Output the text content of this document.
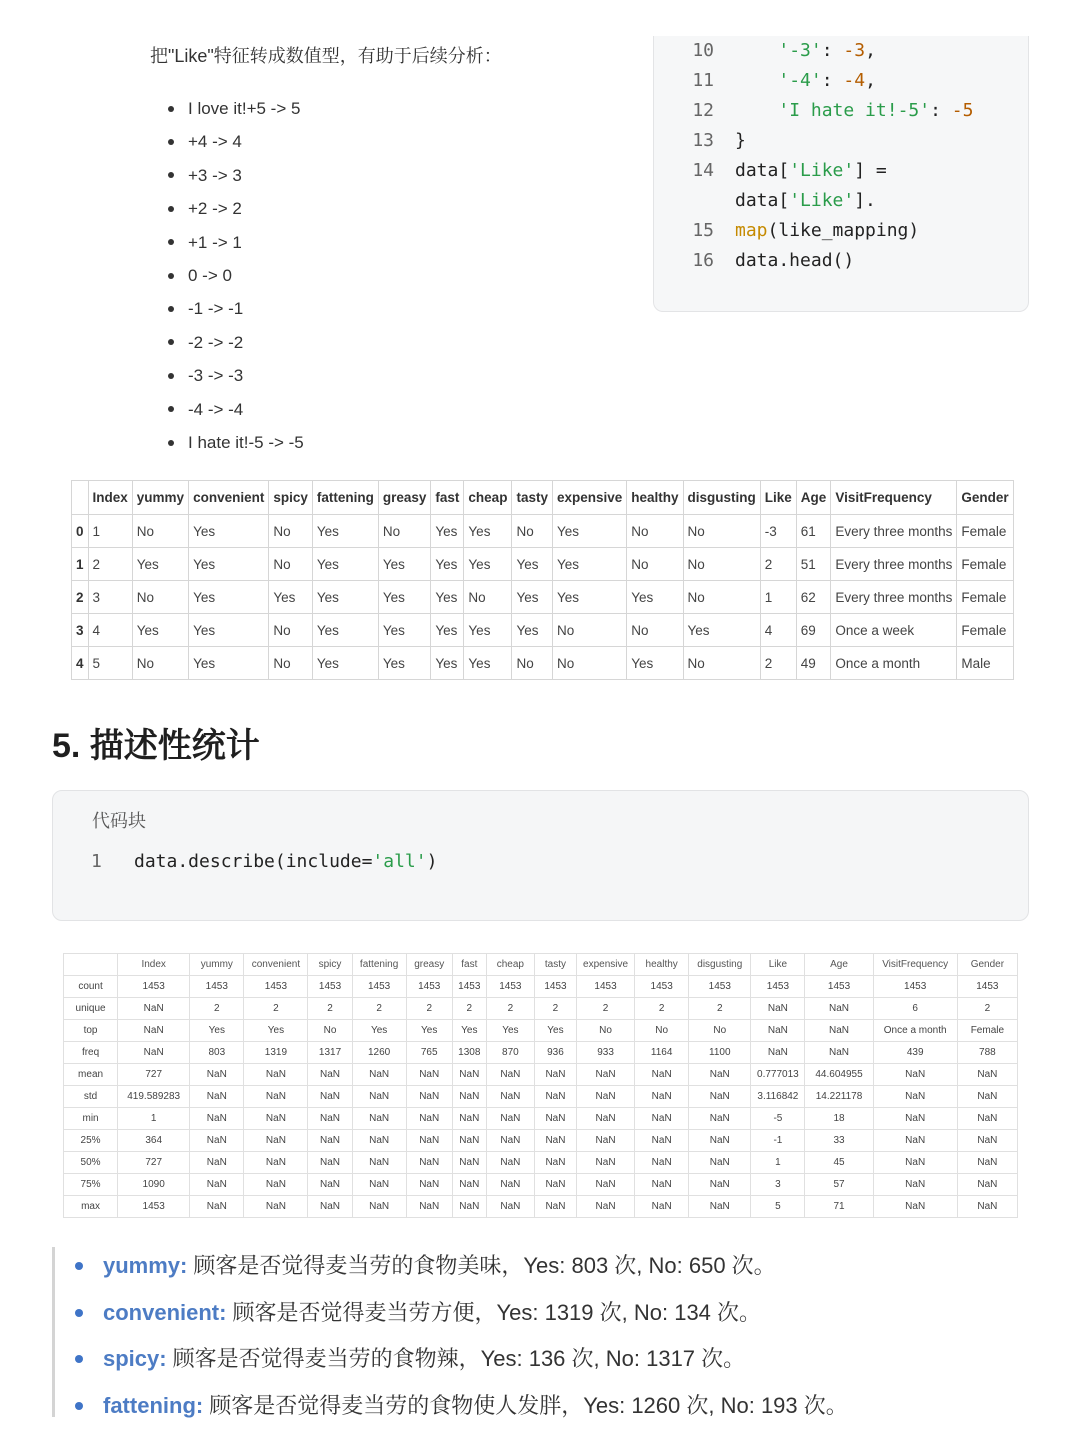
把"Like"特征转成数值型，有助于后续分析：
I love it!+5 -> 5
+4 -> 4
+3 -> 3
+2 -> 2
+1 -> 1
0 -> 0
-1 -> -1
-2 -> -2
-3 -> -3
-4 -> -4
I hate it!-5 -> -5
10	'-3': -3,
11	'-4': -4,
12	'I hate it!-5': -5
13 }
14 data['Like'] =
data['Like'].
15 map(like_mapping)
16 data.head()
	Index	yummy	convenient	spicy	fattening	greasy	fast	cheap	tasty	expensive	healthy	disgusting	Like	Age	VisitFrequency	Gender
0	1	No	Yes	No	Yes	No	Yes	Yes	No	Yes	No	No	-3	61	Every three months	Female
1	2	Yes	Yes	No	Yes	Yes	Yes	Yes	Yes	Yes	No	No	2	51	Every three months	Female
2	3	No	Yes	Yes	Yes	Yes	Yes	No	Yes	Yes	Yes	No	1	62	Every three months	Female
3	4	Yes	Yes	No	Yes	Yes	Yes	Yes	Yes	No	No	Yes	4	69	Once a week	Female
4	5	No	Yes	No	Yes	Yes	Yes	Yes	No	No	Yes	No	2	49	Once a month	Male
5. 描述性统计
代码块
1 data.describe(include='all')
	Index	yummy	convenient	spicy	fattening	greasy	fast	cheap	tasty	expensive	healthy	disgusting	Like	Age	VisitFrequency	Gender
count	1453	1453	1453	1453	1453	1453	1453	1453	1453	1453	1453	1453	1453	1453	1453	1453
unique	NaN	2	2	2	2	2	2	2	2	2	2	2	NaN	NaN	6	2
top	NaN	Yes	Yes	No	Yes	Yes	Yes	Yes	Yes	No	No	No	NaN	NaN	Once a month	Female
freq	NaN	803	1319	1317	1260	765	1308	870	936	933	1164	1100	NaN	NaN	439	788
mean	727	NaN	NaN	NaN	NaN	NaN	NaN	NaN	NaN	NaN	NaN	NaN	0.777013	44.604955	NaN	NaN
std	419.589283	NaN	NaN	NaN	NaN	NaN	NaN	NaN	NaN	NaN	NaN	NaN	3.116842	14.221178	NaN	NaN
min	1	NaN	NaN	NaN	NaN	NaN	NaN	NaN	NaN	NaN	NaN	NaN	-5	18	NaN	NaN
25%	364	NaN	NaN	NaN	NaN	NaN	NaN	NaN	NaN	NaN	NaN	NaN	-1	33	NaN	NaN
50%	727	NaN	NaN	NaN	NaN	NaN	NaN	NaN	NaN	NaN	NaN	NaN	1	45	NaN	NaN
75%	1090	NaN	NaN	NaN	NaN	NaN	NaN	NaN	NaN	NaN	NaN	NaN	3	57	NaN	NaN
max	1453	NaN	NaN	NaN	NaN	NaN	NaN	NaN	NaN	NaN	NaN	NaN	5	71	NaN	NaN
yummy: 顾客是否觉得麦当劳的食物美味，Yes: 803 次, No: 650 次。
convenient: 顾客是否觉得麦当劳方便，Yes: 1319 次, No: 134 次。
spicy: 顾客是否觉得麦当劳的食物辣，Yes: 136 次, No: 1317 次。
fattening: 顾客是否觉得麦当劳的食物使人发胖，Yes: 1260 次, No: 193 次。
